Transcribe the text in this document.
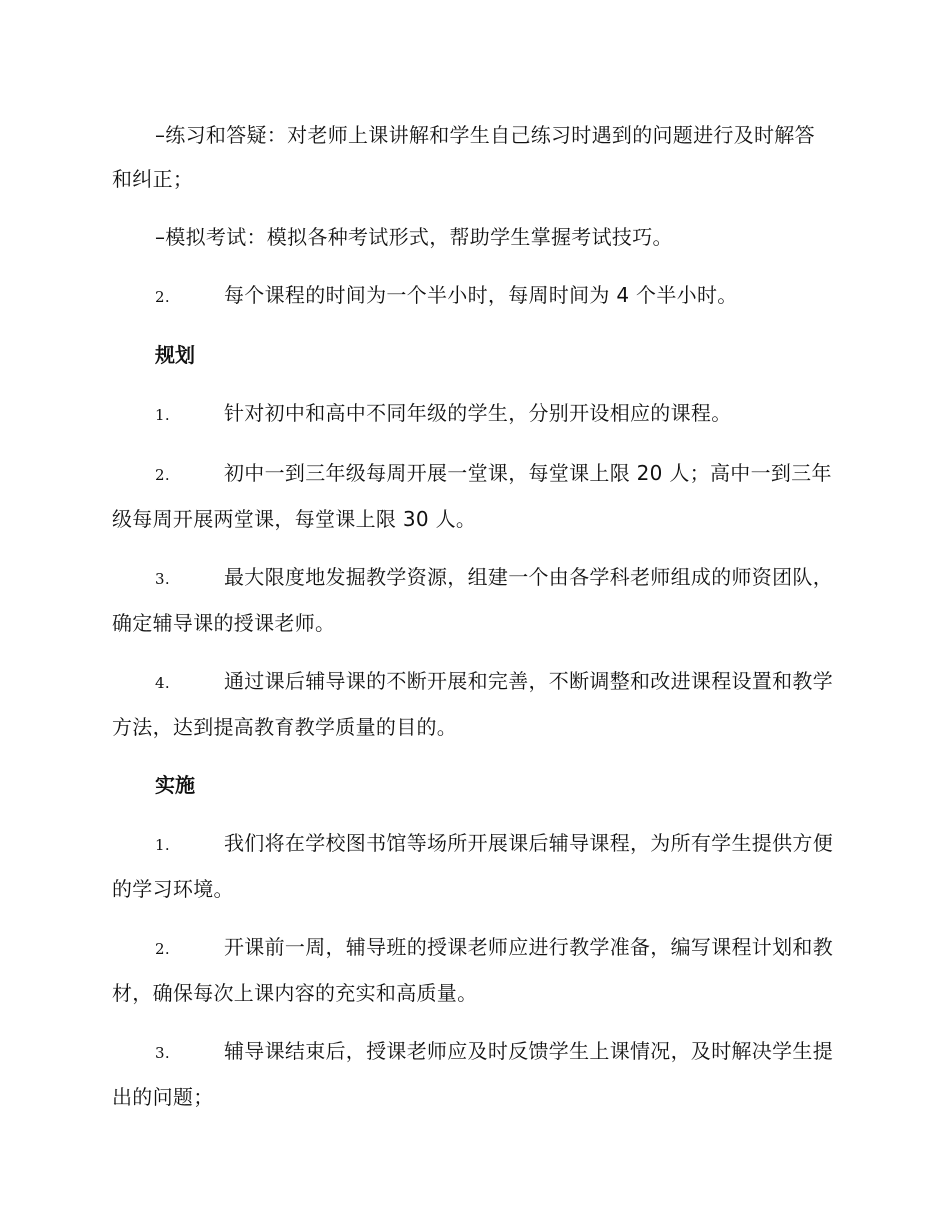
–练习和答疑：对老师上课讲解和学生自己练习时遇到的问题进行及时解答和纠正；

–模拟考试：模拟各种考试形式，帮助学生掌握考试技巧。

2.	每个课程的时间为一个半小时，每周时间为 4 个半小时。

规划

1.	针对初中和高中不同年级的学生，分别开设相应的课程。

2.	初中一到三年级每周开展一堂课，每堂课上限 20 人；高中一到三年级每周开展两堂课，每堂课上限 30 人。

3.	最大限度地发掘教学资源，组建一个由各学科老师组成的师资团队，确定辅导课的授课老师。

4.	通过课后辅导课的不断开展和完善，不断调整和改进课程设置和教学方法，达到提高教育教学质量的目的。

实施

1.	我们将在学校图书馆等场所开展课后辅导课程，为所有学生提供方便的学习环境。

2.	开课前一周，辅导班的授课老师应进行教学准备，编写课程计划和教材，确保每次上课内容的充实和高质量。

3.	辅导课结束后，授课老师应及时反馈学生上课情况，及时解决学生提出的问题；
